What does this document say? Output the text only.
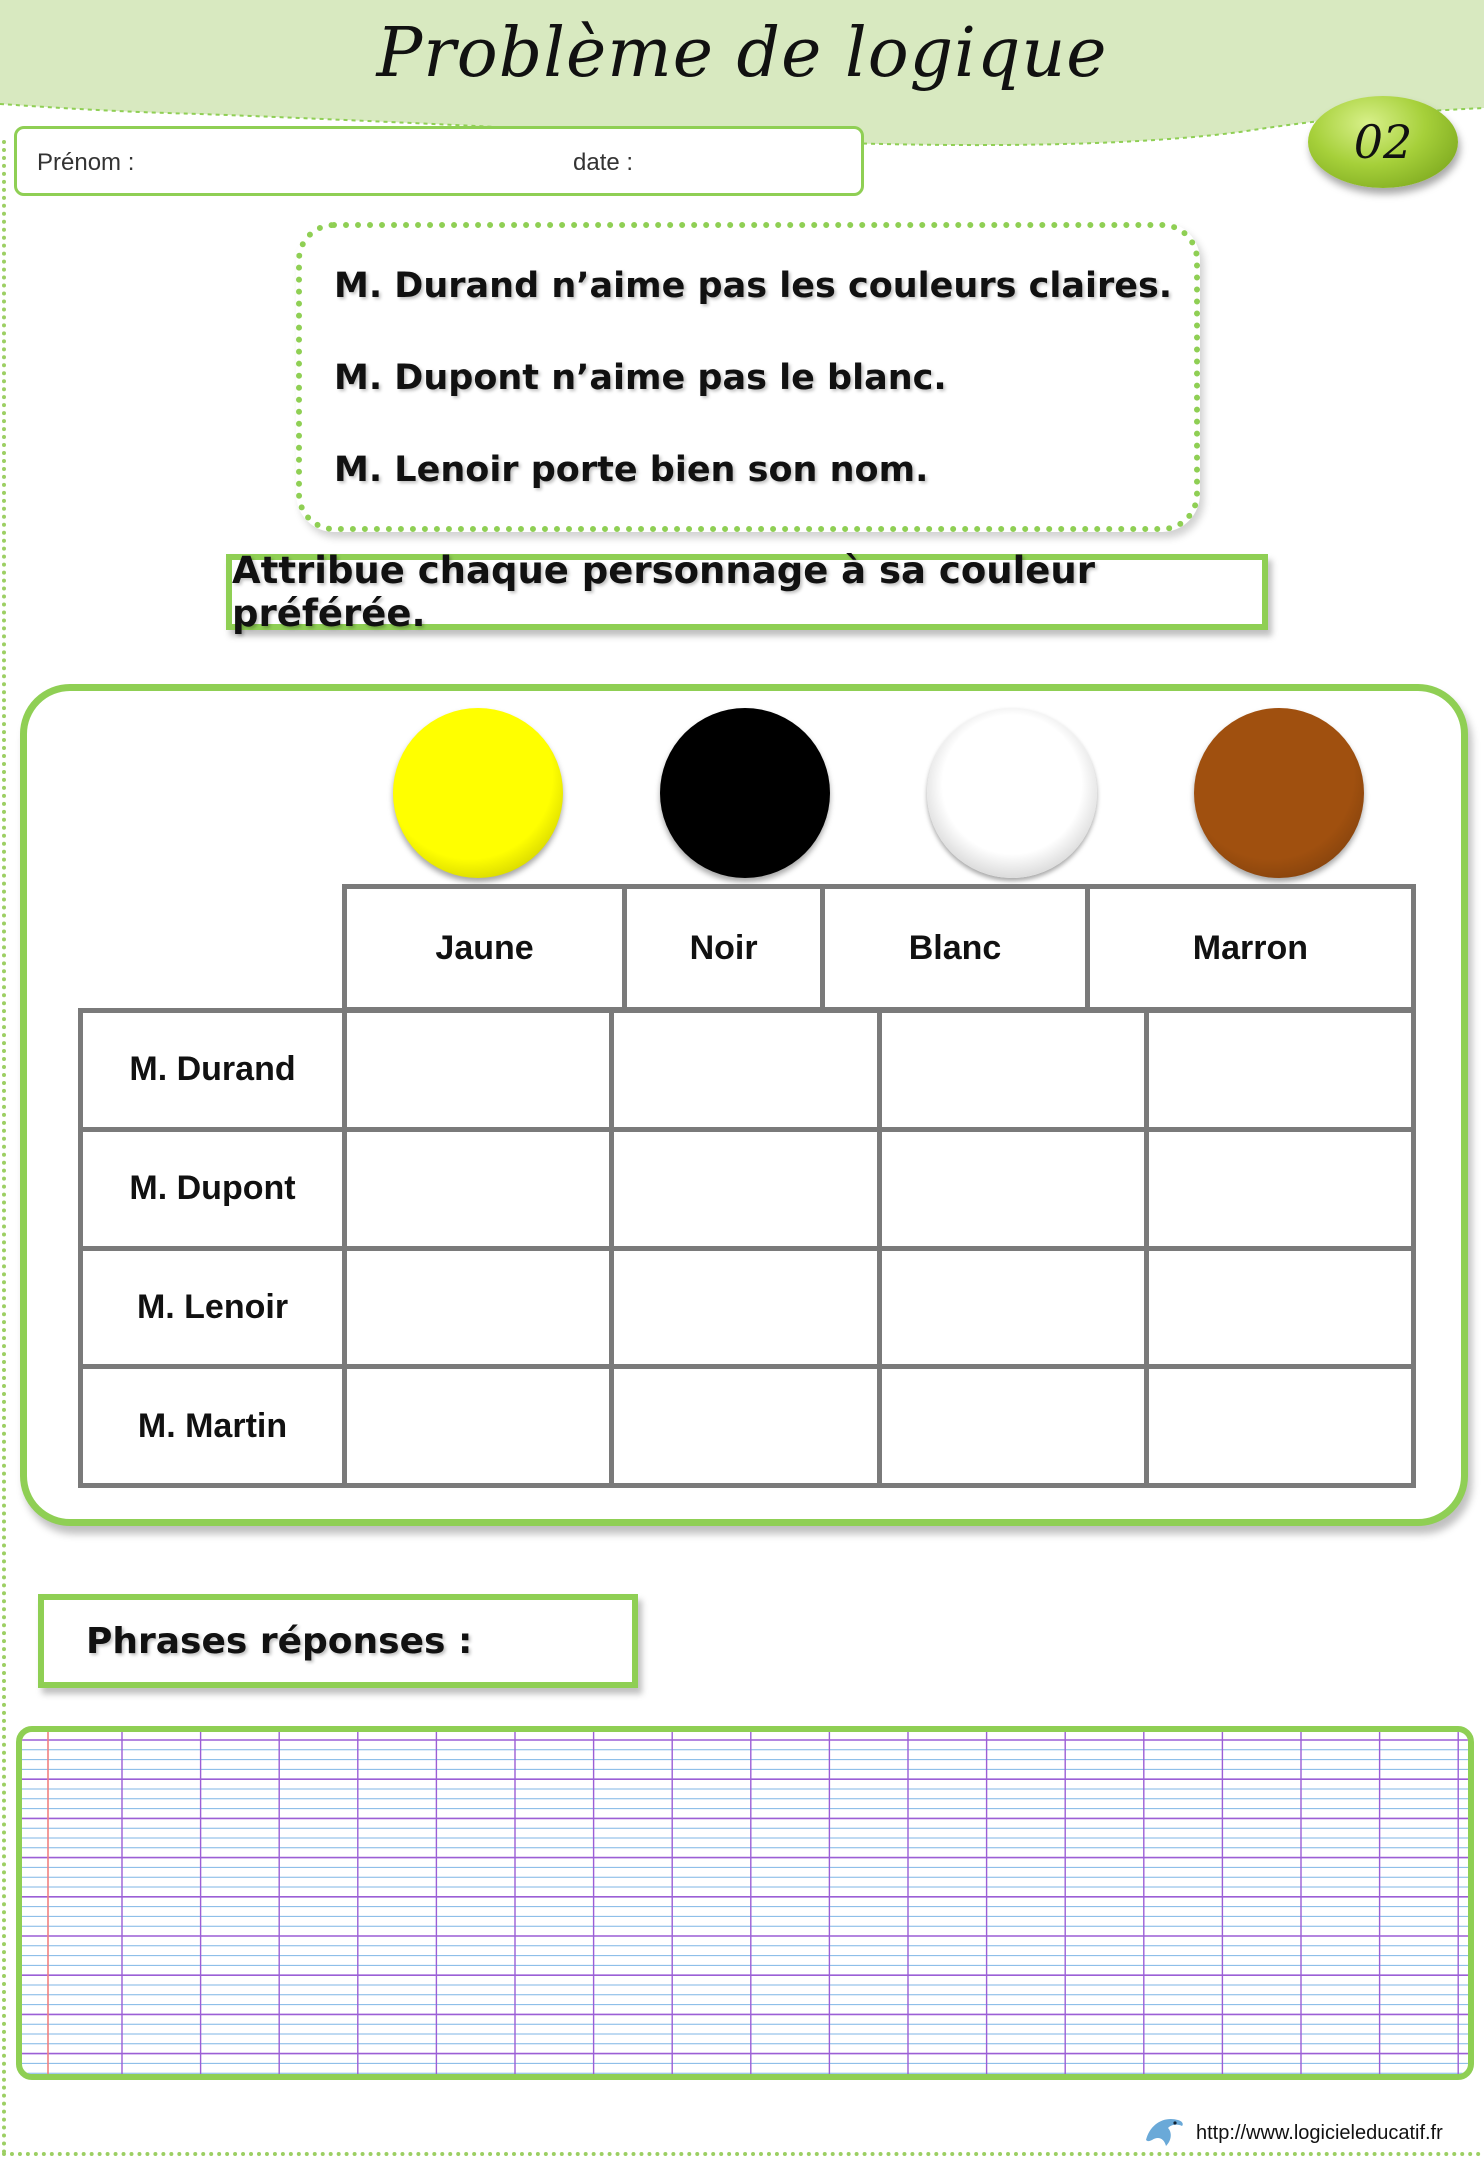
Problème de logique
02
Prénom :	date :
M. Durand n’aime pas les couleurs claires.
M. Dupont n’aime pas le blanc.
M. Lenoir porte bien son nom.
Attribue chaque personnage à sa couleur préférée.
Jaune	Noir	Blanc	Marron
M. Durand				
M. Dupont				
M. Lenoir				
M. Martin				
Phrases réponses :
http://www.logicieleducatif.fr
